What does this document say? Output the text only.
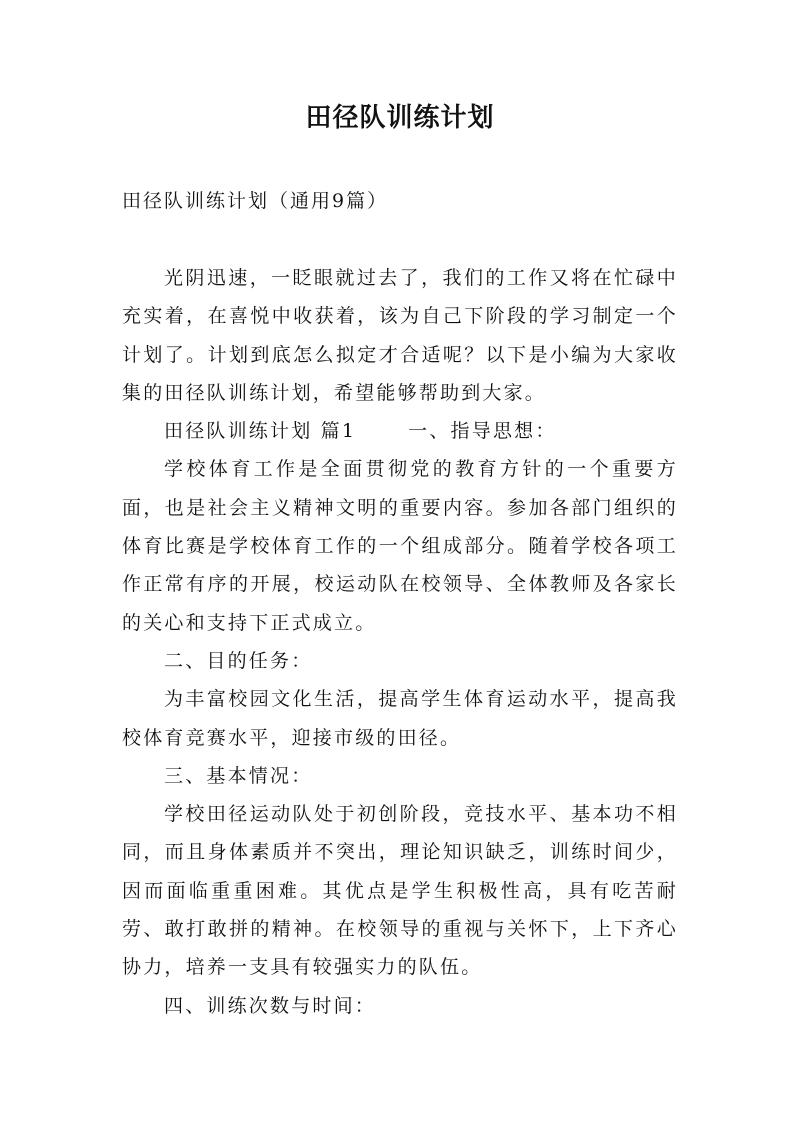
田径队训练计划
田径队训练计划（通用9篇）

光阴迅速，一眨眼就过去了，我们的工作又将在忙碌中充实着，在喜悦中收获着，该为自己下阶段的学习制定一个计划了。计划到底怎么拟定才合适呢？以下是小编为大家收集的田径队训练计划，希望能够帮助到大家。

田径队训练计划 篇1	一、指导思想：

学校体育工作是全面贯彻党的教育方针的一个重要方面，也是社会主义精神文明的重要内容。参加各部门组织的体育比赛是学校体育工作的一个组成部分。随着学校各项工作正常有序的开展，校运动队在校领导、全体教师及各家长的关心和支持下正式成立。

二、目的任务：

为丰富校园文化生活，提高学生体育运动水平，提高我校体育竞赛水平，迎接市级的田径。

三、基本情况：

学校田径运动队处于初创阶段，竞技水平、基本功不相同，而且身体素质并不突出，理论知识缺乏，训练时间少，因而面临重重困难。其优点是学生积极性高，具有吃苦耐劳、敢打敢拼的精神。在校领导的重视与关怀下，上下齐心协力，培养一支具有较强实力的队伍。

四、训练次数与时间：
